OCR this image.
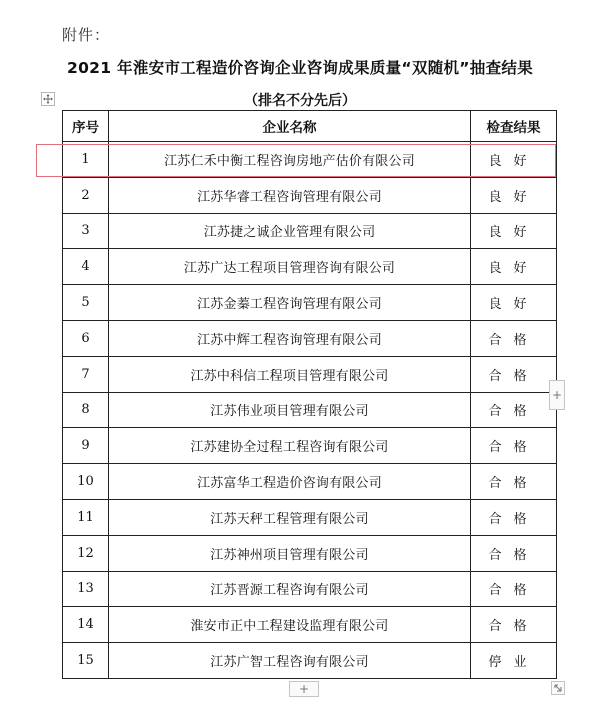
附件：
2021 年淮安市工程造价咨询企业咨询成果质量“双随机”抽查结果
（排名不分先后）
序号	企业名称	检查结果
1	江苏仁禾中衡工程咨询房地产估价有限公司	良好
2	江苏华睿工程咨询管理有限公司	良好
3	江苏捷之诚企业管理有限公司	良好
4	江苏广达工程项目管理咨询有限公司	良好
5	江苏金蓁工程咨询管理有限公司	良好
6	江苏中辉工程咨询管理有限公司	合格
7	江苏中科信工程项目管理有限公司	合格
8	江苏伟业项目管理有限公司	合格
9	江苏建协全过程工程咨询有限公司	合格
10	江苏富华工程造价咨询有限公司	合格
11	江苏天秤工程管理有限公司	合格
12	江苏神州项目管理有限公司	合格
13	江苏晋源工程咨询有限公司	合格
14	淮安市正中工程建设监理有限公司	合格
15	江苏广智工程咨询有限公司	停业
+
+
